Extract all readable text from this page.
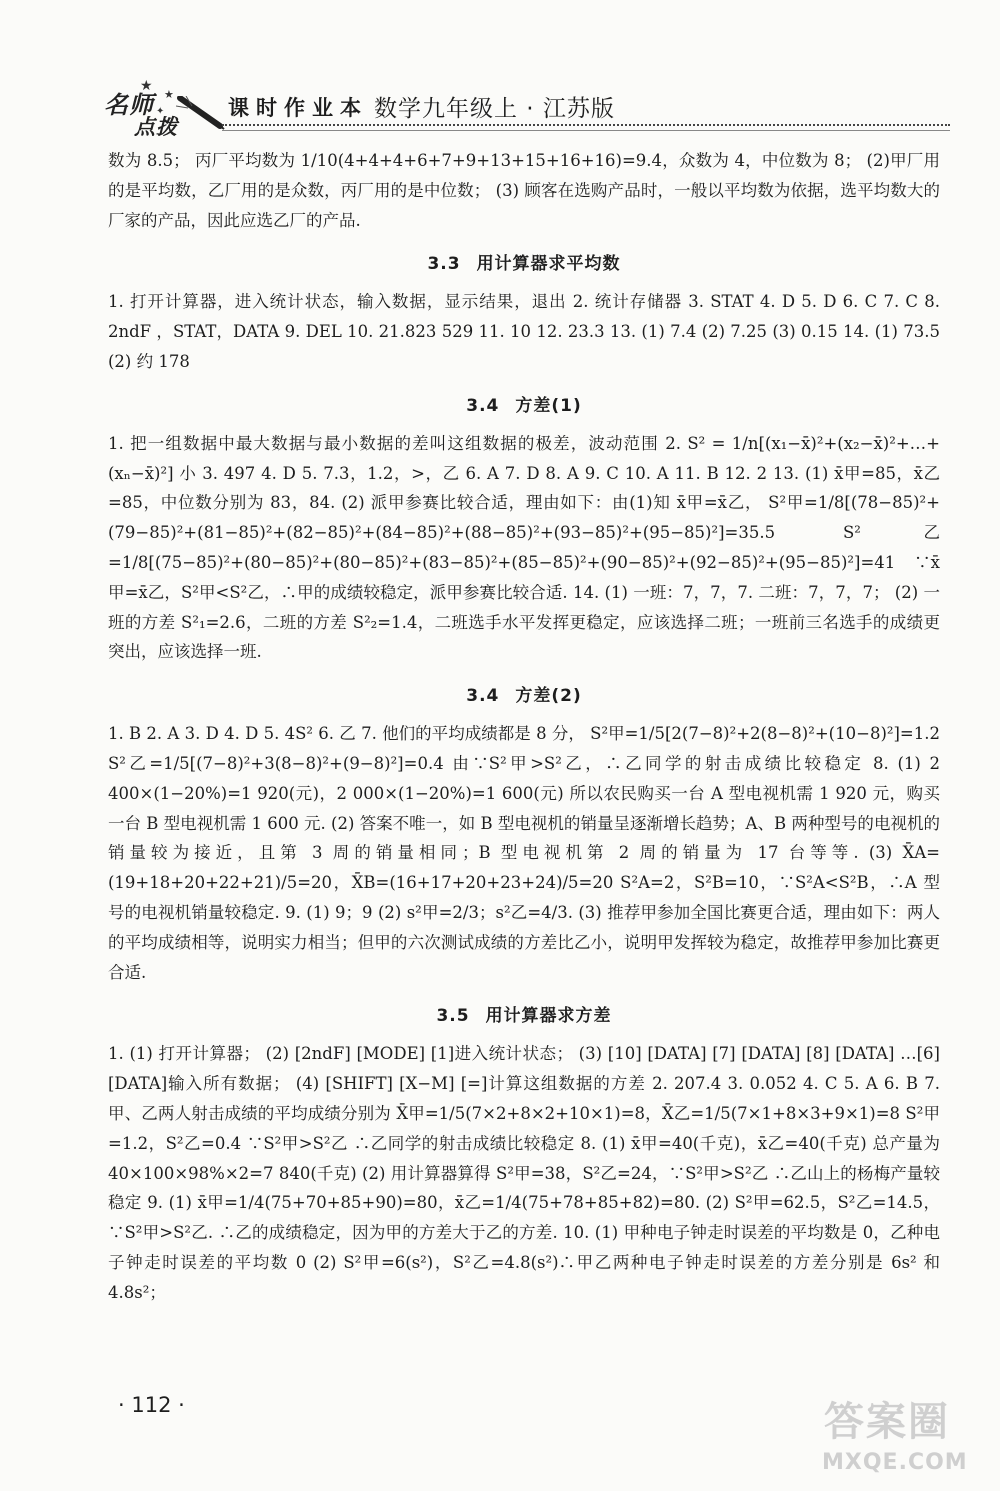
名师
点拨
★
★
✦	课时作业本 数学九年级上 · 江苏版

数为 8.5； 丙厂平均数为 1/10(4+4+4+6+7+9+13+15+16+16)=9.4，众数为 4，中位数为 8； (2)甲厂用的是平均数，乙厂用的是众数，丙厂用的是中位数； (3) 顾客在选购产品时，一般以平均数为依据，选平均数大的厂家的产品，因此应选乙厂的产品.

3.3 用计算器求平均数

1. 打开计算器，进入统计状态，输入数据，显示结果，退出 2. 统计存储器 3. STAT 4. D 5. D 6. C 7. C 8. 2ndF ，STAT，DATA 9. DEL 10. 21.823 529 11. 10 12. 23.3 13. (1) 7.4 (2) 7.25 (3) 0.15 14. (1) 73.5 (2) 约 178

3.4 方差(1)

1. 把一组数据中最大数据与最小数据的差叫这组数据的极差，波动范围 2. S² = 1/n[(x₁−x̄)²+(x₂−x̄)²+…+(xₙ−x̄)²] 小 3. 497 4. D 5. 7.3，1.2，>，乙 6. A 7. D 8. A 9. C 10. A 11. B 12. 2 13. (1) x̄甲=85，x̄乙=85，中位数分别为 83，84. (2) 派甲参赛比较合适，理由如下：由(1)知 x̄甲=x̄乙， S²甲=1/8[(78−85)²+(79−85)²+(81−85)²+(82−85)²+(84−85)²+(88−85)²+(93−85)²+(95−85)²]=35.5 S²乙=1/8[(75−85)²+(80−85)²+(80−85)²+(83−85)²+(85−85)²+(90−85)²+(92−85)²+(95−85)²]=41 ∵x̄甲=x̄乙，S²甲<S²乙，∴甲的成绩较稳定，派甲参赛比较合适. 14. (1) 一班：7，7，7. 二班：7，7，7； (2) 一班的方差 S²₁=2.6，二班的方差 S²₂=1.4，二班选手水平发挥更稳定，应该选择二班；一班前三名选手的成绩更突出，应该选择一班.

3.4 方差(2)

1. B 2. A 3. D 4. D 5. 4S² 6. 乙 7. 他们的平均成绩都是 8 分， S²甲=1/5[2(7−8)²+2(8−8)²+(10−8)²]=1.2 S²乙=1/5[(7−8)²+3(8−8)²+(9−8)²]=0.4 由∵S²甲>S²乙，∴乙同学的射击成绩比较稳定 8. (1) 2 400×(1−20%)=1 920(元)，2 000×(1−20%)=1 600(元) 所以农民购买一台 A 型电视机需 1 920 元，购买一台 B 型电视机需 1 600 元. (2) 答案不唯一，如 B 型电视机的销量呈逐渐增长趋势；A、B 两种型号的电视机的销量较为接近，且第 3 周的销量相同；B 型电视机第 2 周的销量为 17 台等等. (3) X̄A=(19+18+20+22+21)/5=20，X̄B=(16+17+20+23+24)/5=20 S²A=2，S²B=10，∵S²A<S²B，∴A 型号的电视机销量较稳定. 9. (1) 9；9 (2) s²甲=2/3；s²乙=4/3. (3) 推荐甲参加全国比赛更合适，理由如下：两人的平均成绩相等，说明实力相当；但甲的六次测试成绩的方差比乙小，说明甲发挥较为稳定，故推荐甲参加比赛更合适.

3.5 用计算器求方差

1. (1) 打开计算器； (2) [2ndF] [MODE] [1]进入统计状态； (3) [10] [DATA] [7] [DATA] [8] [DATA] …[6] [DATA]输入所有数据； (4) [SHIFT] [X−M] [=]计算这组数据的方差 2. 207.4 3. 0.052 4. C 5. A 6. B 7. 甲、乙两人射击成绩的平均成绩分别为 X̄甲=1/5(7×2+8×2+10×1)=8，X̄乙=1/5(7×1+8×3+9×1)=8 S²甲=1.2，S²乙=0.4 ∵S²甲>S²乙 ∴乙同学的射击成绩比较稳定 8. (1) x̄甲=40(千克)，x̄乙=40(千克) 总产量为 40×100×98%×2=7 840(千克) (2) 用计算器算得 S²甲=38，S²乙=24，∵S²甲>S²乙 ∴乙山上的杨梅产量较稳定 9. (1) x̄甲=1/4(75+70+85+90)=80，x̄乙=1/4(75+78+85+82)=80. (2) S²甲=62.5，S²乙=14.5，∵S²甲>S²乙. ∴乙的成绩稳定，因为甲的方差大于乙的方差. 10. (1) 甲种电子钟走时误差的平均数是 0，乙种电子钟走时误差的平均数 0 (2) S²甲=6(s²)，S²乙=4.8(s²)∴甲乙两种电子钟走时误差的方差分别是 6s² 和 4.8s²；

· 112 ·	答案圈
MXQE.COM
